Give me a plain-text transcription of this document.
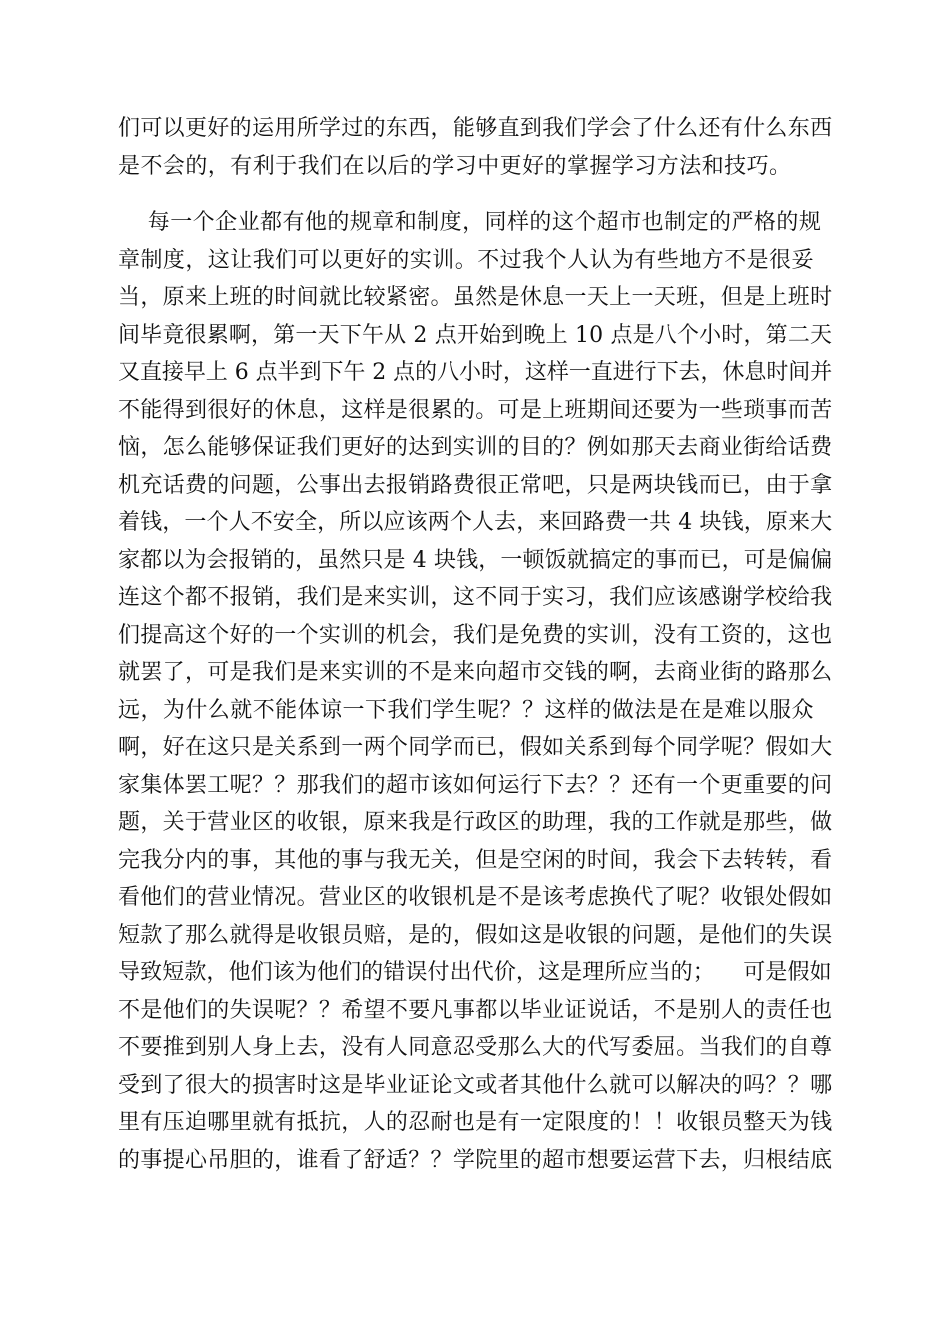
们可以更好的运用所学过的东西，能够直到我们学会了什么还有什么东西
是不会的，有利于我们在以后的学习中更好的掌握学习方法和技巧。
每一个企业都有他的规章和制度，同样的这个超市也制定的严格的规
章制度，这让我们可以更好的实训。不过我个人认为有些地方不是很妥
当，原来上班的时间就比较紧密。虽然是休息一天上一天班，但是上班时
间毕竟很累啊，第一天下午从 2 点开始到晚上 10 点是八个小时，第二天
又直接早上 6 点半到下午 2 点的八小时，这样一直进行下去，休息时间并
不能得到很好的休息，这样是很累的。可是上班期间还要为一些琐事而苦
恼，怎么能够保证我们更好的达到实训的目的？例如那天去商业街给话费
机充话费的问题，公事出去报销路费很正常吧，只是两块钱而已，由于拿
着钱，一个人不安全，所以应该两个人去，来回路费一共 4 块钱，原来大
家都以为会报销的，虽然只是 4 块钱，一顿饭就搞定的事而已，可是偏偏
连这个都不报销，我们是来实训，这不同于实习，我们应该感谢学校给我
们提高这个好的一个实训的机会，我们是免费的实训，没有工资的，这也
就罢了，可是我们是来实训的不是来向超市交钱的啊，去商业街的路那么
远，为什么就不能体谅一下我们学生呢？？这样的做法是在是难以服众
啊，好在这只是关系到一两个同学而已，假如关系到每个同学呢？假如大
家集体罢工呢？？那我们的超市该如何运行下去？？还有一个更重要的问
题，关于营业区的收银，原来我是行政区的助理，我的工作就是那些，做
完我分内的事，其他的事与我无关，但是空闲的时间，我会下去转转，看
看他们的营业情况。营业区的收银机是不是该考虑换代了呢？收银处假如
短款了那么就得是收银员赔，是的，假如这是收银的问题，是他们的失误
导致短款，他们该为他们的错误付出代价，这是理所应当的；    可是假如
不是他们的失误呢？？希望不要凡事都以毕业证说话，不是别人的责任也
不要推到别人身上去，没有人同意忍受那么大的代写委屈。当我们的自尊
受到了很大的损害时这是毕业证论文或者其他什么就可以解决的吗？？哪
里有压迫哪里就有抵抗，人的忍耐也是有一定限度的！！收银员整天为钱
的事提心吊胆的，谁看了舒适？？学院里的超市想要运营下去，归根结底
